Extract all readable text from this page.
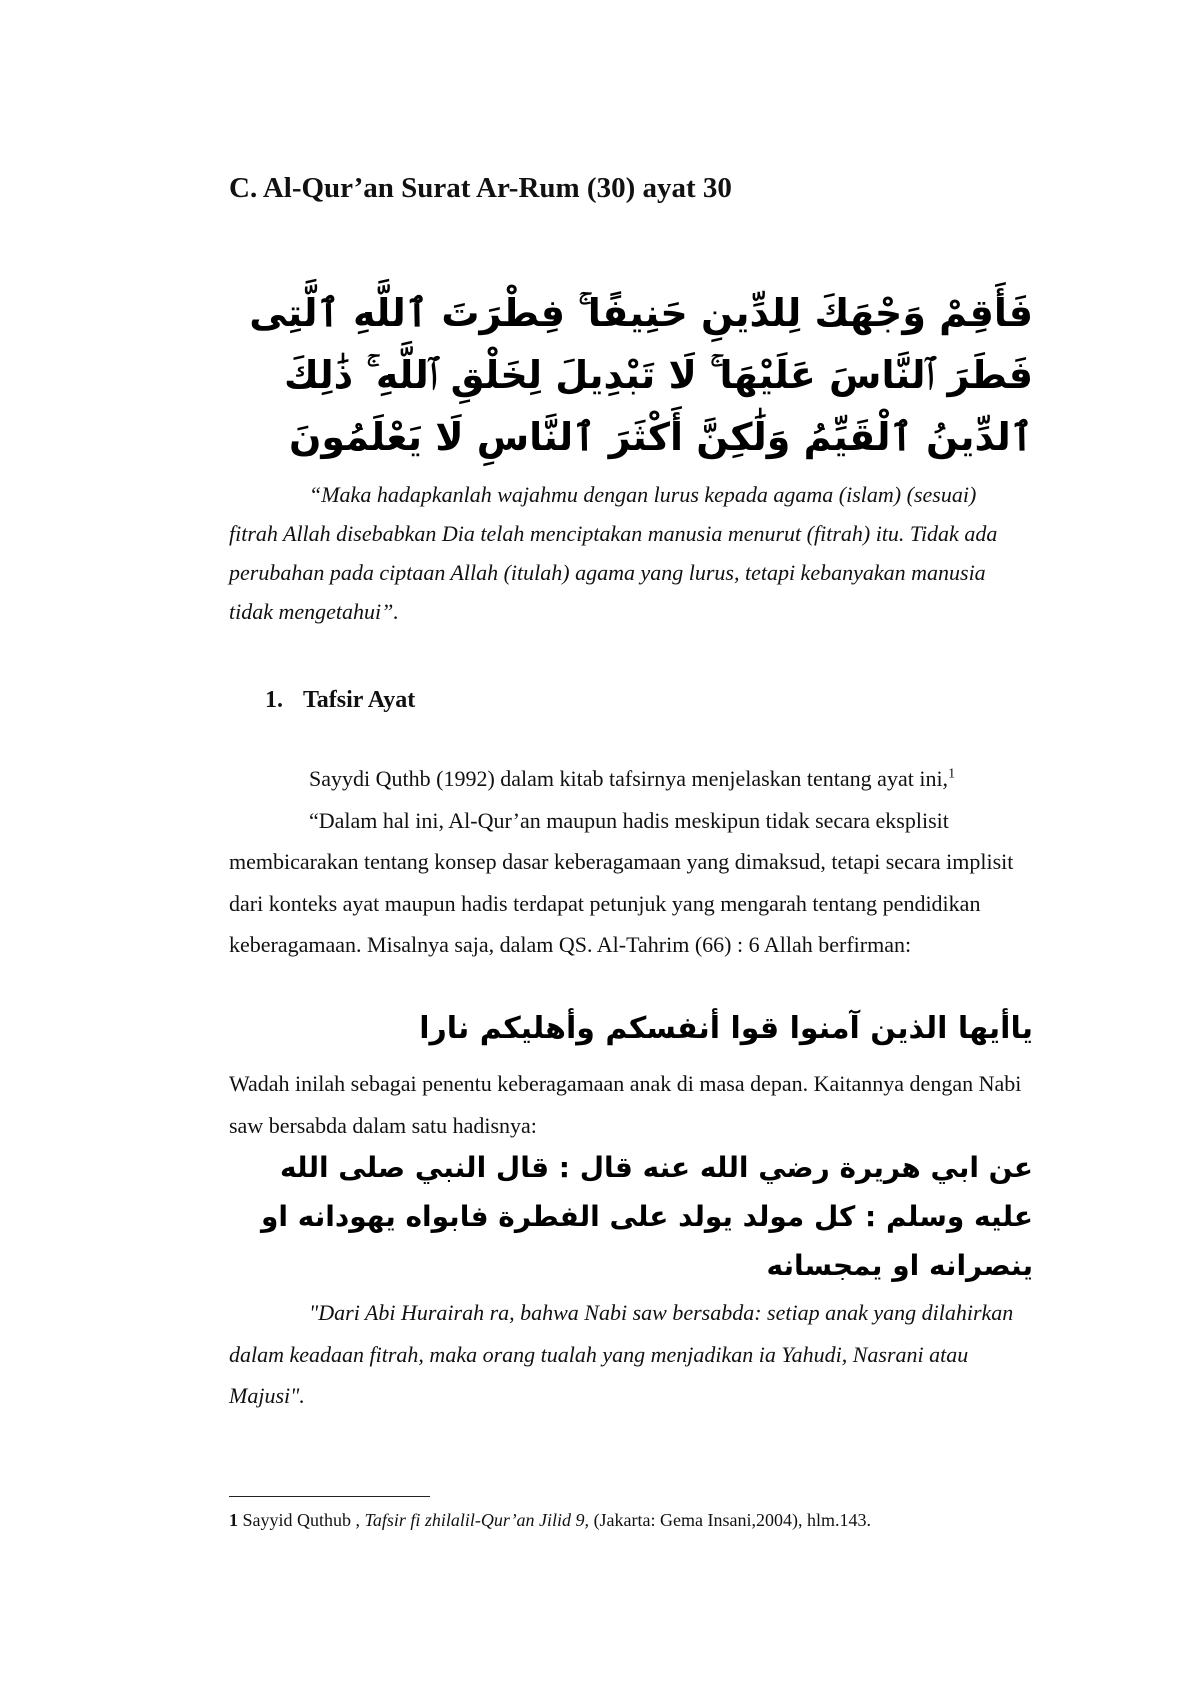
C. Al-Qur’an Surat Ar-Rum (30) ayat 30
فَأَقِمْ وَجْهَكَ لِلدِّينِ حَنِيفًا ۚ فِطْرَتَ ٱللَّهِ ٱلَّتِى
فَطَرَ ٱلنَّاسَ عَلَيْهَا ۚ لَا تَبْدِيلَ لِخَلْقِ ٱللَّهِ ۚ ذَٰلِكَ
ٱلدِّينُ ٱلْقَيِّمُ وَلَٰكِنَّ أَكْثَرَ ٱلنَّاسِ لَا يَعْلَمُونَ
“Maka hadapkanlah wajahmu dengan lurus kepada agama (islam) (sesuai) fitrah Allah disebabkan Dia telah menciptakan manusia menurut (fitrah) itu. Tidak ada perubahan pada ciptaan Allah (itulah) agama yang lurus, tetapi kebanyakan manusia tidak mengetahui”.
1. Tafsir Ayat
Sayydi Quthb (1992) dalam kitab tafsirnya menjelaskan tentang ayat ini,$^1$
“Dalam hal ini, Al-Qur’an maupun hadis meskipun tidak secara eksplisit membicarakan tentang konsep dasar keberagamaan yang dimaksud, tetapi secara implisit dari konteks ayat maupun hadis terdapat petunjuk yang mengarah tentang pendidikan keberagamaan. Misalnya saja, dalam QS. Al-Tahrim (66) : 6 Allah berfirman:
ياأيها الذين آمنوا قوا أنفسكم وأهليكم نارا
Wadah inilah sebagai penentu keberagamaan anak di masa depan. Kaitannya dengan Nabi saw bersabda dalam satu hadisnya:
عن ابي هريرة رضي الله عنه قال : قال النبي صلى الله
عليه وسلم : كل مولد يولد على الفطرة فابواه يهودانه او
ينصرانه او يمجسانه
"Dari Abi Hurairah ra, bahwa Nabi saw bersabda: setiap anak yang dilahirkan dalam keadaan fitrah, maka orang tualah yang menjadikan ia Yahudi, Nasrani atau Majusi".
1 Sayyid Quthub , Tafsir fi zhilalil-Qur’an Jilid 9, (Jakarta: Gema Insani,2004), hlm.143.
